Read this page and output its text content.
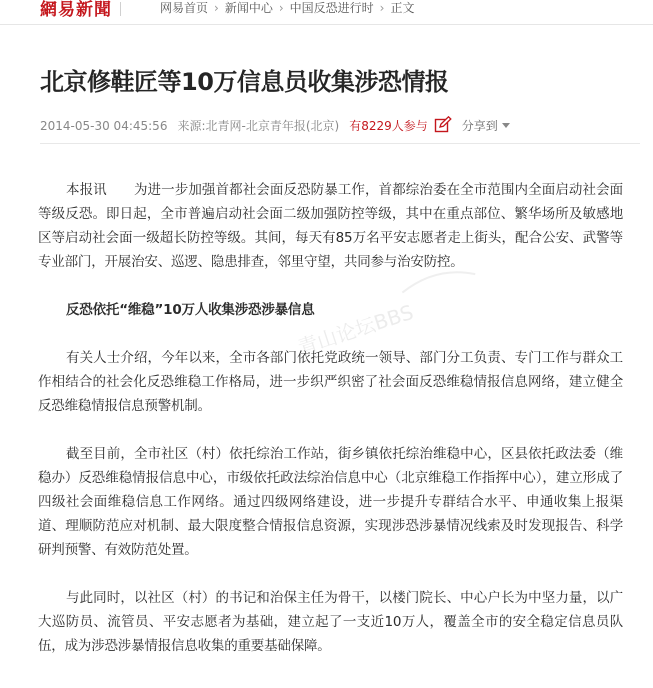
網易新聞	网易首页 › 新闻中心 › 中国反恐进行时 › 正文
北京修鞋匠等10万信息员收集涉恐情报
2014-05-30 04:45:56 来源:北青网-北京青年报(北京) 有8229人参与	分享到

本报讯　　为进一步加强首都社会面反恐防暴工作，首都综治委在全市范围内全面启动社会面等级反恐。即日起，全市普遍启动社会面二级加强防控等级，其中在重点部位、繁华场所及敏感地区等启动社会面一级超长防控等级。其间，每天有85万名平安志愿者走上街头，配合公安、武警等专业部门，开展治安、巡逻、隐患排查，邻里守望，共同参与治安防控。

反恐依托“维稳”10万人收集涉恐涉暴信息

有关人士介绍，今年以来，全市各部门依托党政统一领导、部门分工负责、专门工作与群众工作相结合的社会化反恐维稳工作格局，进一步织严织密了社会面反恐维稳情报信息网络，建立健全反恐维稳情报信息预警机制。

截至目前，全市社区（村）依托综治工作站，街乡镇依托综治维稳中心，区县依托政法委（维稳办）反恐维稳情报信息中心，市级依托政法综治信息中心（北京维稳工作指挥中心），建立形成了四级社会面维稳信息工作网络。通过四级网络建设，进一步提升专群结合水平、申通收集上报渠道、理顺防范应对机制、最大限度整合情报信息资源，实现涉恐涉暴情况线索及时发现报告、科学研判预警、有效防范处置。

与此同时，以社区（村）的书记和治保主任为骨干，以楼门院长、中心户长为中坚力量，以广大巡防员、流管员、平安志愿者为基础，建立起了一支近10万人，覆盖全市的安全稳定信息员队伍，成为涉恐涉暴情报信息收集的重要基础保障。

青山论坛BBS
